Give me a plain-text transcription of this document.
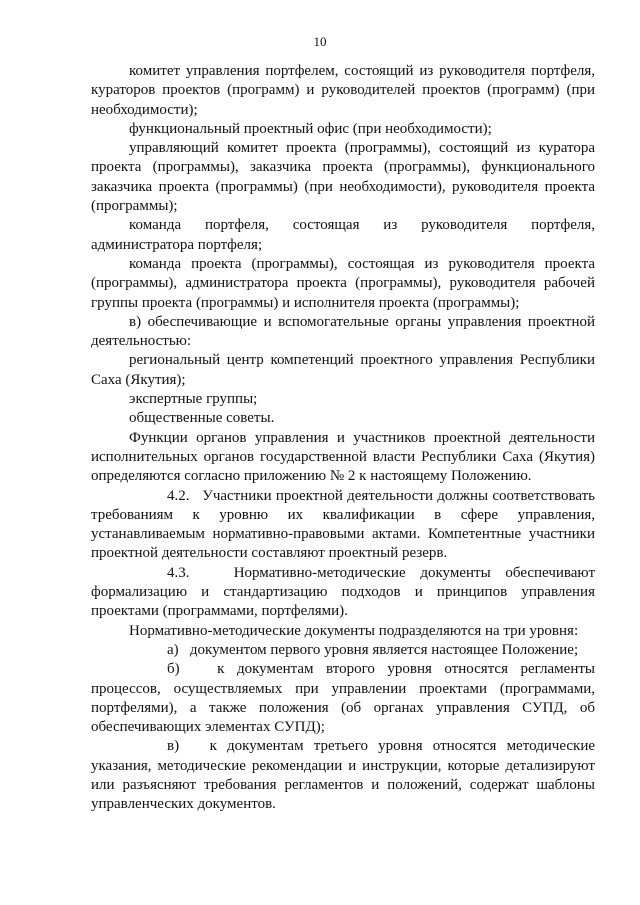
10

комитет управления портфелем, состоящий из руководителя портфеля, кураторов проектов (программ) и руководителей проектов (программ) (при необходимости);

функциональный проектный офис (при необходимости);

управляющий комитет проекта (программы), состоящий из куратора проекта (программы), заказчика проекта (программы), функционального заказчика проекта (программы) (при необходимости), руководителя проекта (программы);

команда портфеля, состоящая из руководителя портфеля, администратора портфеля;

команда проекта (программы), состоящая из руководителя проекта (программы), администратора проекта (программы), руководителя рабочей группы проекта (программы) и исполнителя проекта (программы);

в) обеспечивающие и вспомогательные органы управления проектной деятельностью:

региональный центр компетенций проектного управления Республики Саха (Якутия);

экспертные группы;

общественные советы.

Функции органов управления и участников проектной деятельности исполнительных органов государственной власти Республики Саха (Якутия) определяются согласно приложению № 2 к настоящему Положению.

4.2. Участники проектной деятельности должны соответствовать требованиям к уровню их квалификации в сфере управления, устанавливаемым нормативно-правовыми актами. Компетентные участники проектной деятельности составляют проектный резерв.

4.3.	Нормативно-методические документы обеспечивают формализацию и стандартизацию подходов и принципов управления проектами (программами, портфелями).

Нормативно-методические документы подразделяются на три уровня:

а) документом первого уровня является настоящее Положение;

б)	к документам второго уровня относятся регламенты процессов, осуществляемых при управлении проектами (программами, портфелями), а также положения (об органах управления СУПД, об обеспечивающих элементах СУПД);

в) к документам третьего уровня относятся методические указания, методические рекомендации и инструкции, которые детализируют или разъясняют требования регламентов и положений, содержат шаблоны управленческих документов.
